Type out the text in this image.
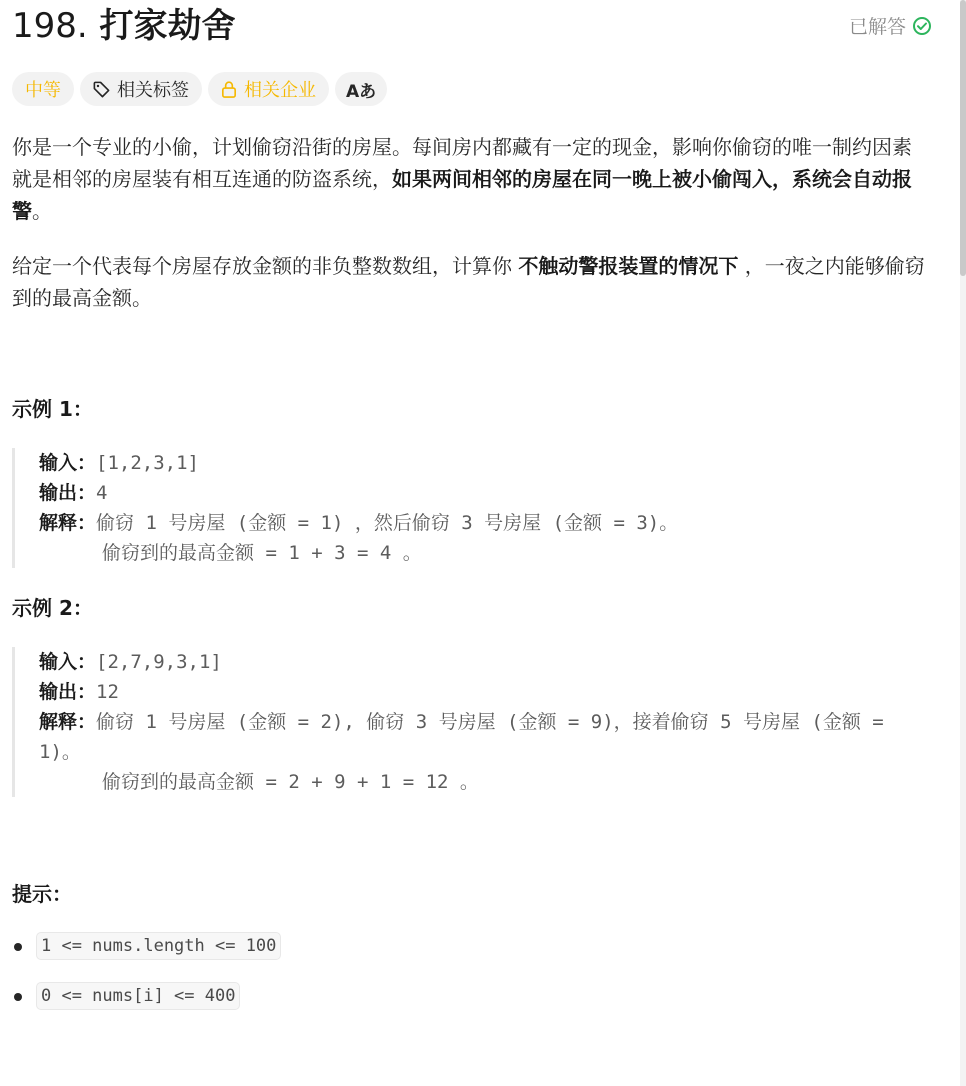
198. 打家劫舍	已解答
中等	相关标签	相关企业 Aあ

你是一个专业的小偷，计划偷窃沿街的房屋。每间房内都藏有一定的现金，影响你偷窃的唯一制约因素就是相邻的房屋装有相互连通的防盗系统，如果两间相邻的房屋在同一晚上被小偷闯入，系统会自动报警。

给定一个代表每个房屋存放金额的非负整数数组，计算你 不触动警报装置的情况下 ，一夜之内能够偷窃到的最高金额。

示例 1：

输入：[1,2,3,1]
输出：4
解释：偷窃 1 号房屋 (金额 = 1) ，然后偷窃 3 号房屋 (金额 = 3)。
偷窃到的最高金额 = 1 + 3 = 4 。

示例 2：

输入：[2,7,9,3,1]
输出：12
解释：偷窃 1 号房屋 (金额 = 2), 偷窃 3 号房屋 (金额 = 9)，接着偷窃 5 号房屋 (金额 = 1)。
偷窃到的最高金额 = 2 + 9 + 1 = 12 。

提示：

1 <= nums.length <= 100
0 <= nums[i] <= 400
